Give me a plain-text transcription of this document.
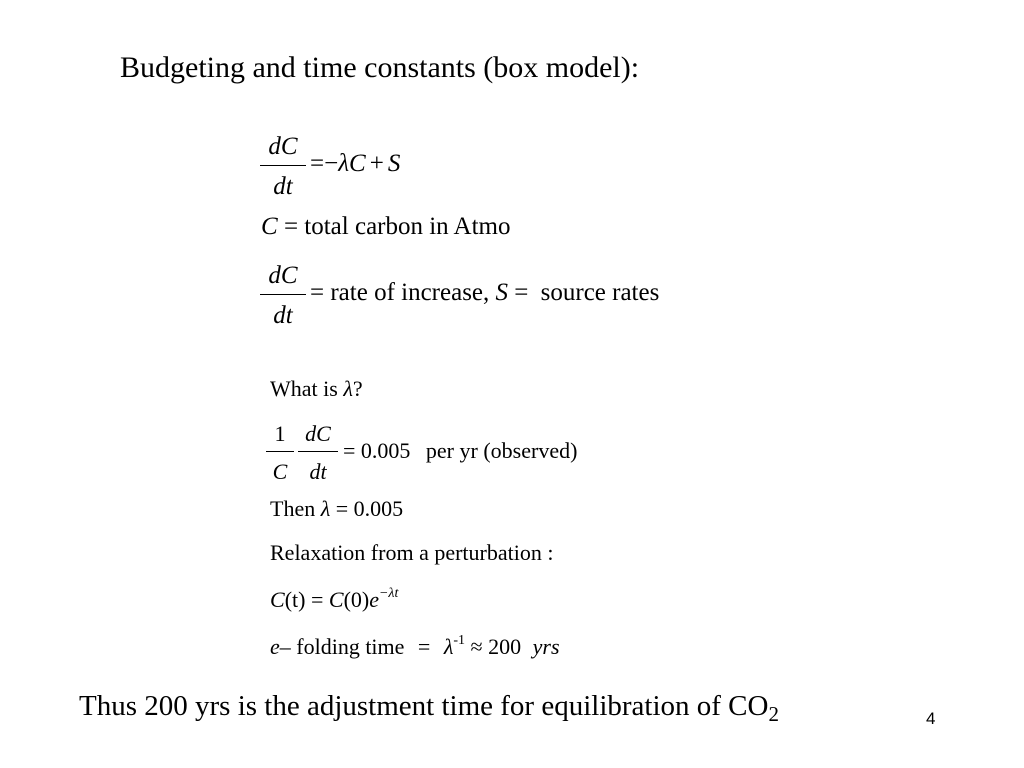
Budgeting and time constants (box model):
dC
dt
=−λC + S
C = total carbon in Atmo
dC
dt
= rate of increase, S = source rates
What is λ?
1
C
dC
dt
= 0.005 per yr (observed)
Then λ = 0.005
Relaxation from a perturbation :
$C(t) = C(0)e^{-\lambda t}$
e– folding time = $\lambda^{-1} \approx 200$ yrs
Thus 200 yrs is the adjustment time for equilibration of $CO_2$	4
